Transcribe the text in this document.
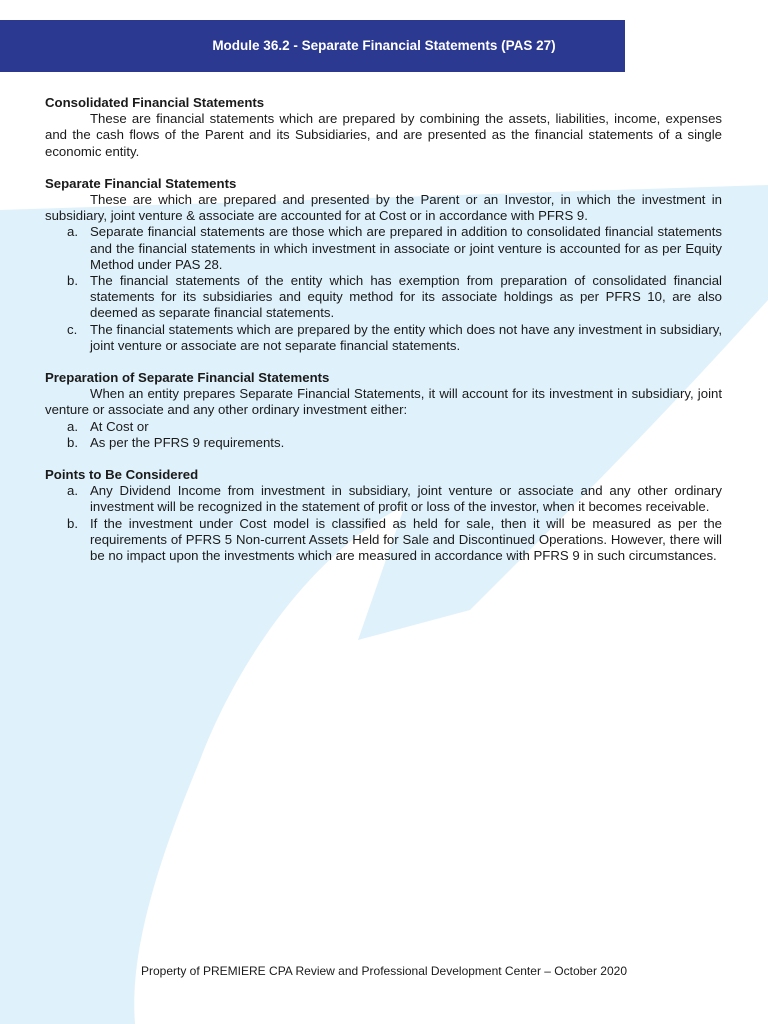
Module 36.2 - Separate Financial Statements (PAS 27)

Consolidated Financial Statements

These are financial statements which are prepared by combining the assets, liabilities, income, expenses and the cash flows of the Parent and its Subsidiaries, and are presented as the financial statements of a single economic entity.

Separate Financial Statements

These are which are prepared and presented by the Parent or an Investor, in which the investment in subsidiary, joint venture & associate are accounted for at Cost or in accordance with PFRS 9.

a. Separate financial statements are those which are prepared in addition to consolidated financial statements and the financial statements in which investment in associate or joint venture is accounted for as per Equity Method under PAS 28.
b. The financial statements of the entity which has exemption from preparation of consolidated financial statements for its subsidiaries and equity method for its associate holdings as per PFRS 10, are also deemed as separate financial statements.
c. The financial statements which are prepared by the entity which does not have any investment in subsidiary, joint venture or associate are not separate financial statements.

Preparation of Separate Financial Statements

When an entity prepares Separate Financial Statements, it will account for its investment in subsidiary, joint venture or associate and any other ordinary investment either:

a. At Cost or
b. As per the PFRS 9 requirements.

Points to Be Considered

a. Any Dividend Income from investment in subsidiary, joint venture or associate and any other ordinary investment will be recognized in the statement of profit or loss of the investor, when it becomes receivable.
b. If the investment under Cost model is classified as held for sale, then it will be measured as per the requirements of PFRS 5 Non-current Assets Held for Sale and Discontinued Operations. However, there will be no impact upon the investments which are measured in accordance with PFRS 9 in such circumstances.
Property of PREMIERE CPA Review and Professional Development Center – October 2020
